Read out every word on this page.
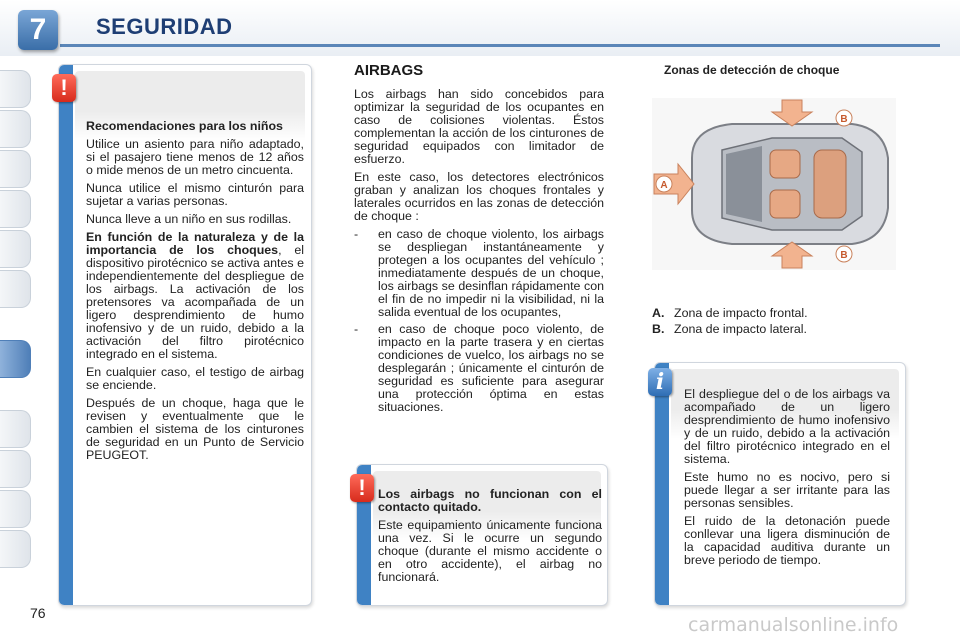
7	SEGURIDAD
76
!

Recomendaciones para los niños

Utilice un asiento para niño adaptado, si el pasajero tiene menos de 12 años o mide menos de un metro cincuenta.

Nunca utilice el mismo cinturón para sujetar a varias personas.

Nunca lleve a un niño en sus rodillas.

En función de la naturaleza y de la importancia de los choques, el dispositivo pirotécnico se activa antes e independientemente del despliegue de los airbags. La activación de los pretensores va acompañada de un ligero desprendimiento de humo inofensivo y de un ruido, debido a la activación del filtro pirotécnico integrado en el sistema.

En cualquier caso, el testigo de airbag se enciende.

Después de un choque, haga que le revisen y eventualmente que le cambien el sistema de los cinturones de seguridad en un Punto de Servicio PEUGEOT.

AIRBAGS

Los airbags han sido concebidos para optimizar la seguridad de los ocupantes en caso de colisiones violentas. Éstos complementan la acción de los cinturones de seguridad equipados con limitador de esfuerzo.

En este caso, los detectores electrónicos graban y analizan los choques frontales y laterales ocurridos en las zonas de detección de choque :

- en caso de choque violento, los airbags se despliegan instantáneamente y protegen a los ocupantes del vehículo ; inmediatamente después de un choque, los airbags se desinflan rápidamente con el fin de no impedir ni la visibilidad, ni la salida eventual de los ocupantes,
- en caso de choque poco violento, de impacto en la parte trasera y en ciertas condiciones de vuelco, los airbags no se desplegarán ; únicamente el cinturón de seguridad es suficiente para asegurar una protección óptima en estas situaciones.
! Los airbags no funcionan con el contacto quitado.

Este equipamiento únicamente funciona una vez. Si le ocurre un segundo choque (durante el mismo accidente o en otro accidente), el airbag no funcionará.

Zonas de detección de choque
A
B
B
A. Zona de impacto frontal.
B. Zona de impacto lateral.
i	El despliegue del o de los airbags va acompañado de un ligero desprendimiento de humo inofensivo y de un ruido, debido a la activación del filtro pirotécnico integrado en el sistema.

Este humo no es nocivo, pero si puede llegar a ser irritante para las personas sensibles.

El ruido de la detonación puede conllevar una ligera disminución de la capacidad auditiva durante un breve periodo de tiempo.

carmanualsonline.info
